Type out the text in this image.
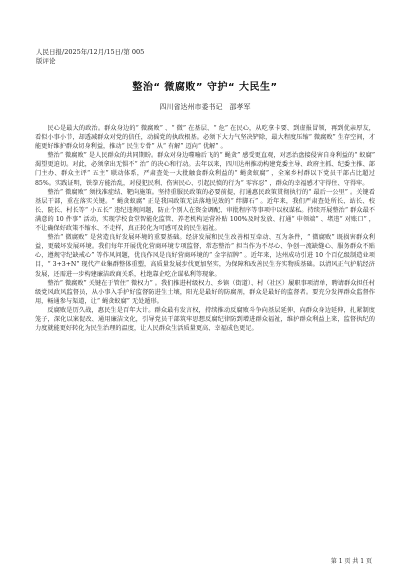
人民日报/2025年/12月/15日/第 005
版评论
整治“ 微腐败” 守护“ 大民生”
四川省达州市委书记　邵孝军

民心是最大的政治。群众身边的“ 微腐败” 、“ 微” 在基层、“ 危” 在民心，从吃拿卡要、到虚报冒领，再到优亲厚友，看似小事小节，却透减群众对党的信任，动摇党的执政根基。必须下大力气坚决铲除，最大程度压缩“ 微腐败” 生存空间，才能更好维护群众切身利益，推动“ 民生专骨” 从“ 有解” 迈向“ 优解” 。

整治“ 微腐败” 是人民群众的共同期盼。群众对身边噬喻后飞的“ 蝇贪” 感受更直观，对恶治盘接侵害自身利益的“ 蚁腐” 渴望更迫切。对此，必须拿出无惧不“ 治” 的决心和行动。去年以来，四川达州推动构建党委主导、政府主抓、纪委主推、部门主办、群众主评“ 五主” 联动体系，严肃查处一大批触食群众利益的“ 蝇贪蚁腐” ，全案乡村群以下党员干部占比超过85%。实践证明，铁拳方能治乱，对侵犯民利、伤害民心、引起民愤的行为“ 零容忍” ，群众的幸福感才守得住、守得牢。

整治“ 微腐败” 须找准症结、靶向施策。坚持重服民政策的必要前提，打通惠民政策贯彻执行的“ 最后一公里” 。关键看基层干部，重在落实关键。“ 蝇贪蚁腐” 正是我国政策无法落地见效的“ 绊脚石” 。近年来，我们严肃查处所长、站长、校长、院长、村长等“ 小五长” 违纪违规问题，防止个别人在资金调配、审批程序等事项中以权谋私。持续开展整治“ 群众最不满意的 10 件事” 活动，实现学校食堂智能化监管、养老机构运营补贴 100%及时发放、打通“ 申领端” 、堵违“ 对账口” ，不让确保好政策不缩水、不走样，真正转化为可感可及的民生福祉。

整治“ 微腐败” 是营造良好发展环境的重要基础。经济发展和民生改善相互牵动、互为条件，“ 微腐败” 既损害群众利益，更破坏发展环境。我们每年开展优化营商环境专项监督，常态整治“ 担当作为不尽心、争创一流缺缝心、服务群众不贴心，遵规守纪缺戒心” 等作风问题，优良作风是良好营商环境的“ 金字招牌” 。近年来，达州成功引进 10 个百亿级制造业项目，“ 3+3+N” 现代产业集群整体重塑，高质量发展步伐更加坚实，为保障和改善民生夯实物质基础。以清风正气护航经济发展，还需进一步构建廉洁政商关系，杜绝靠企吃企谋私利等现象。

整治“ 微腐败” 关键在于管住“ 微权力” 。我们推进村级权力、乡镇（街道）、村（社区）履职事项清单，聘请群众担任村级党风政风监督员，从小事入手护好监督防进生土壤，阳光是最好的防腐剂，群众是最好的监督者。要充分发挥群众监督作用，畅通参与渠道，让“ 蝇贪蚁腐” 无处遁形。

反腐败是历久战，惠民生是百年大计。群众最有发言权，持续推动反腐败斗争向基层延伸，向群众身边延伸，扎紧制度笼子，深化以案促改、通用廉洁文化，引导党员干部筑牢思想反腐纪律防到增进群众福祉，维护群众利益上来，监督执纪的力度就能更好转化为民生治理的温度，让人民群众生活质量更高、幸福成色更足。

第 1 页 共 1 页
